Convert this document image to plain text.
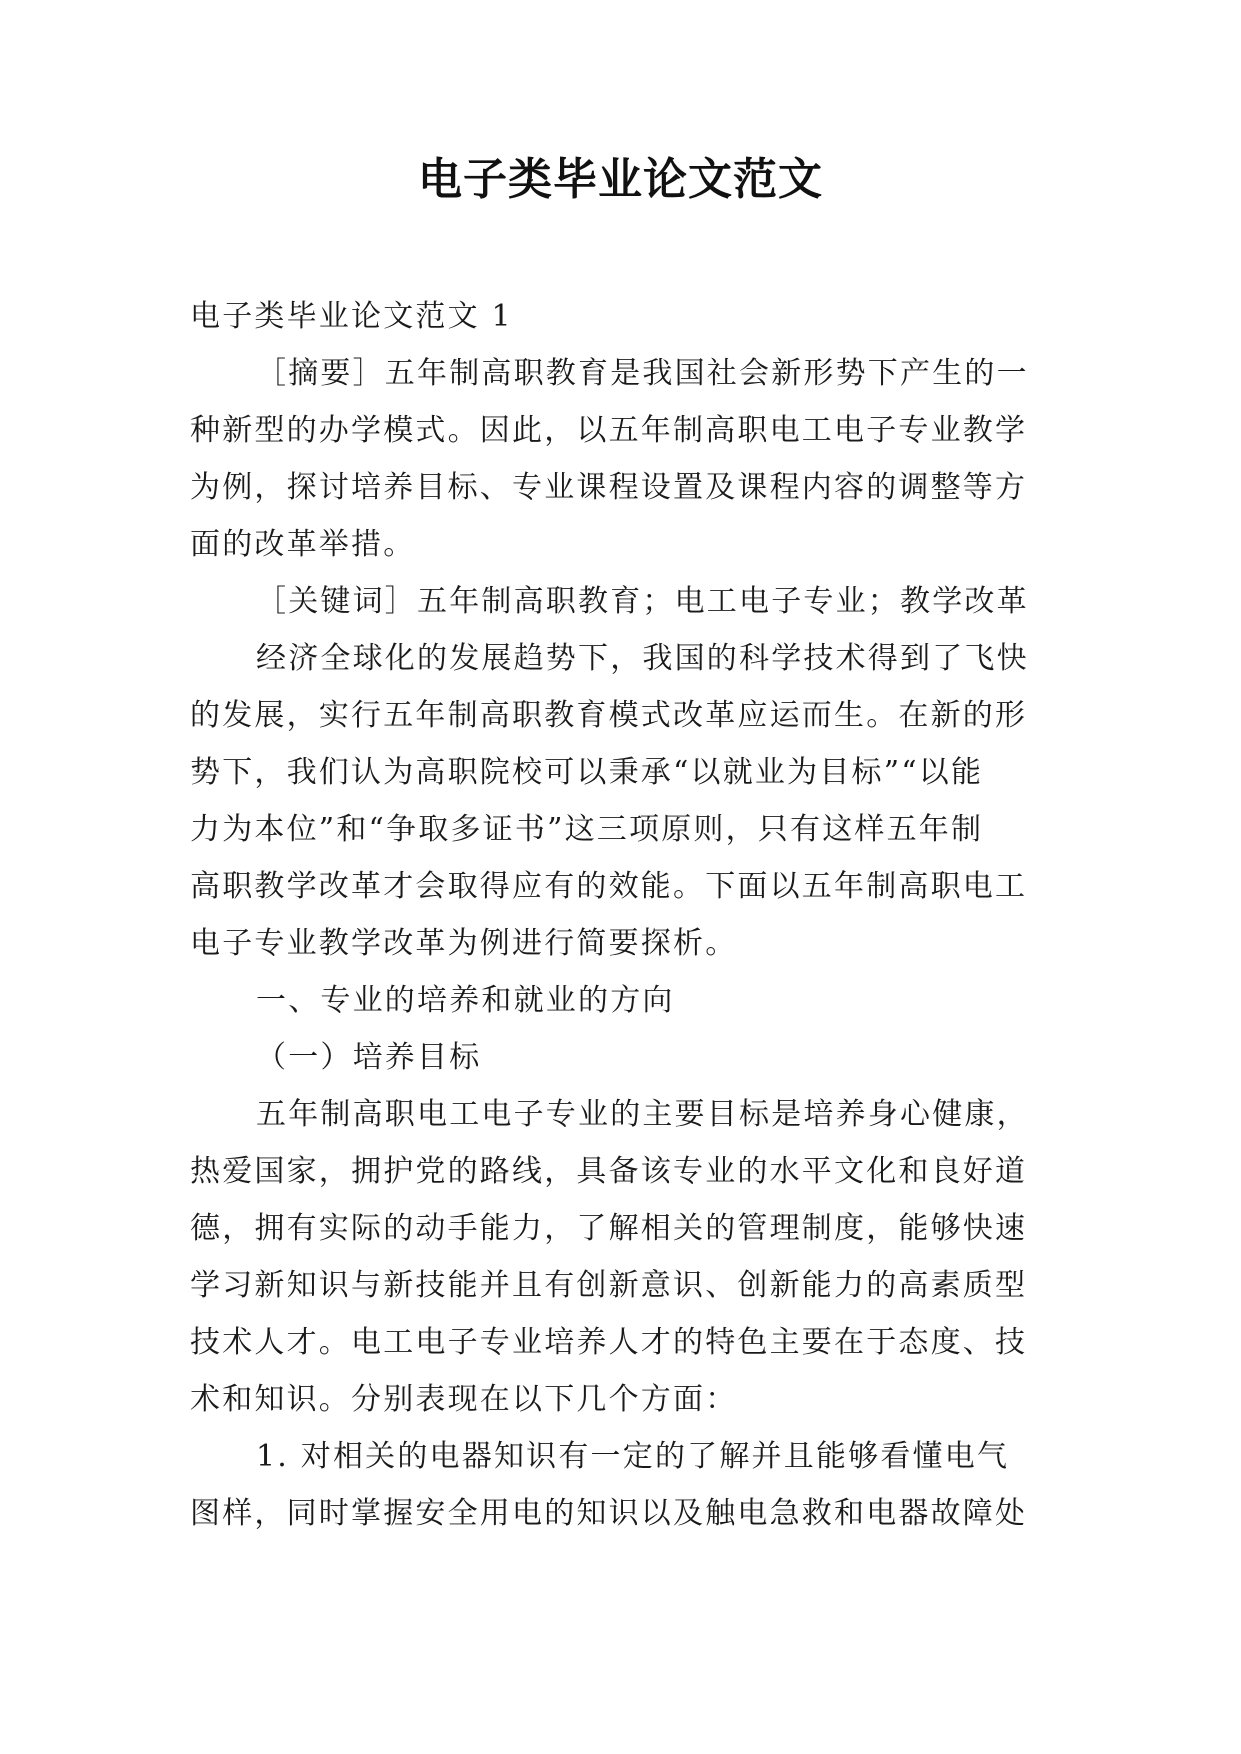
电子类毕业论文范文
电子类毕业论文范文 1
［摘要］五年制高职教育是我国社会新形势下产生的一
种新型的办学模式。因此，以五年制高职电工电子专业教学
为例，探讨培养目标、专业课程设置及课程内容的调整等方
面的改革举措。
［关键词］五年制高职教育；电工电子专业；教学改革
经济全球化的发展趋势下，我国的科学技术得到了飞快
的发展，实行五年制高职教育模式改革应运而生。在新的形
势下，我们认为高职院校可以秉承“以就业为目标”“以能
力为本位”和“争取多证书”这三项原则，只有这样五年制
高职教学改革才会取得应有的效能。下面以五年制高职电工
电子专业教学改革为例进行简要探析。
一、专业的培养和就业的方向
（一）培养目标
五年制高职电工电子专业的主要目标是培养身心健康，
热爱国家，拥护党的路线，具备该专业的水平文化和良好道
德，拥有实际的动手能力，了解相关的管理制度，能够快速
学习新知识与新技能并且有创新意识、创新能力的高素质型
技术人才。电工电子专业培养人才的特色主要在于态度、技
术和知识。分别表现在以下几个方面：
1. 对相关的电器知识有一定的了解并且能够看懂电气
图样，同时掌握安全用电的知识以及触电急救和电器故障处
